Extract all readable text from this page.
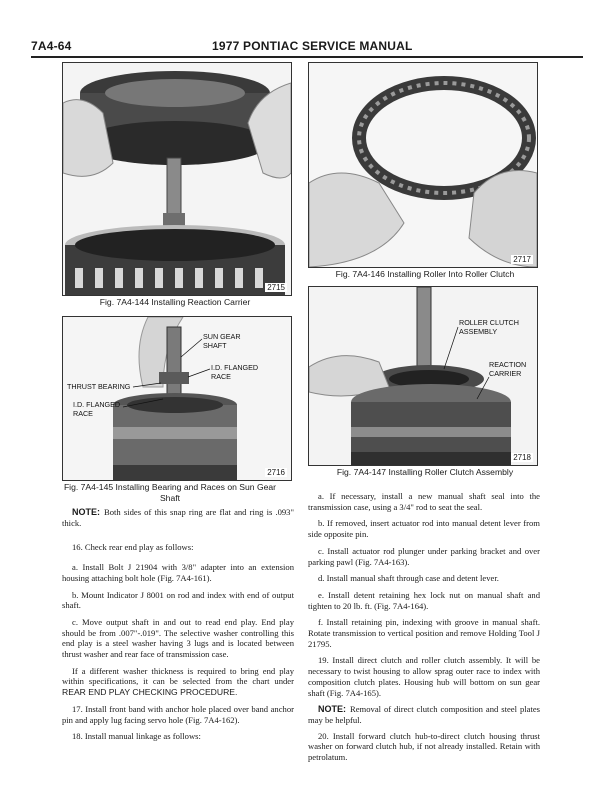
7A4-64	1977 PONTIAC SERVICE MANUAL
2715
Fig. 7A4-144 Installing Reaction Carrier
SUN GEAR
SHAFT
I.D. FLANGED
RACE
THRUST BEARING
I.D. FLANGED
RACE
2716
Fig. 7A4-145 Installing Bearing and Races on Sun Gear
Shaft
2717
Fig. 7A4-146 Installing Roller Into Roller Clutch
ROLLER CLUTCH
ASSEMBLY
REACTION
CARRIER
2718
Fig. 7A4-147 Installing Roller Clutch Assembly

NOTE: Both sides of this snap ring are flat and ring is .093" thick.

16. Check rear end play as follows:

a. Install Bolt J 21904 with 3/8" adapter into an extension housing attaching bolt hole (Fig. 7A4-161).

b. Mount Indicator J 8001 on rod and index with end of output shaft.

c. Move output shaft in and out to read end play. End play should be from .007"-.019". The selective washer controlling this end play is a steel washer having 3 lugs and is located between thrust washer and rear face of transmission case.

If a different washer thickness is required to bring end play within specifications, it can be selected from the chart under REAR END PLAY CHECKING PROCEDURE.

17. Install front band with anchor hole placed over band anchor pin and apply lug facing servo hole (Fig. 7A4-162).

18. Install manual linkage as follows:

a. If necessary, install a new manual shaft seal into the transmission case, using a 3/4" rod to seat the seal.

b. If removed, insert actuator rod into manual detent lever from side opposite pin.

c. Install actuator rod plunger under parking bracket and over parking pawl (Fig. 7A4-163).

d. Install manual shaft through case and detent lever.

e. Install detent retaining hex lock nut on manual shaft and tighten to 20 lb. ft. (Fig. 7A4-164).

f. Install retaining pin, indexing with groove in manual shaft. Rotate transmission to vertical position and remove Holding Tool J 21795.

19. Install direct clutch and roller clutch assembly. It will be necessary to twist housing to allow sprag outer race to index with composition clutch plates. Housing hub will bottom on sun gear shaft (Fig. 7A4-165).

NOTE: Removal of direct clutch composition and steel plates may be helpful.

20. Install forward clutch hub-to-direct clutch housing thrust washer on forward clutch hub, if not already installed. Retain with petrolatum.
